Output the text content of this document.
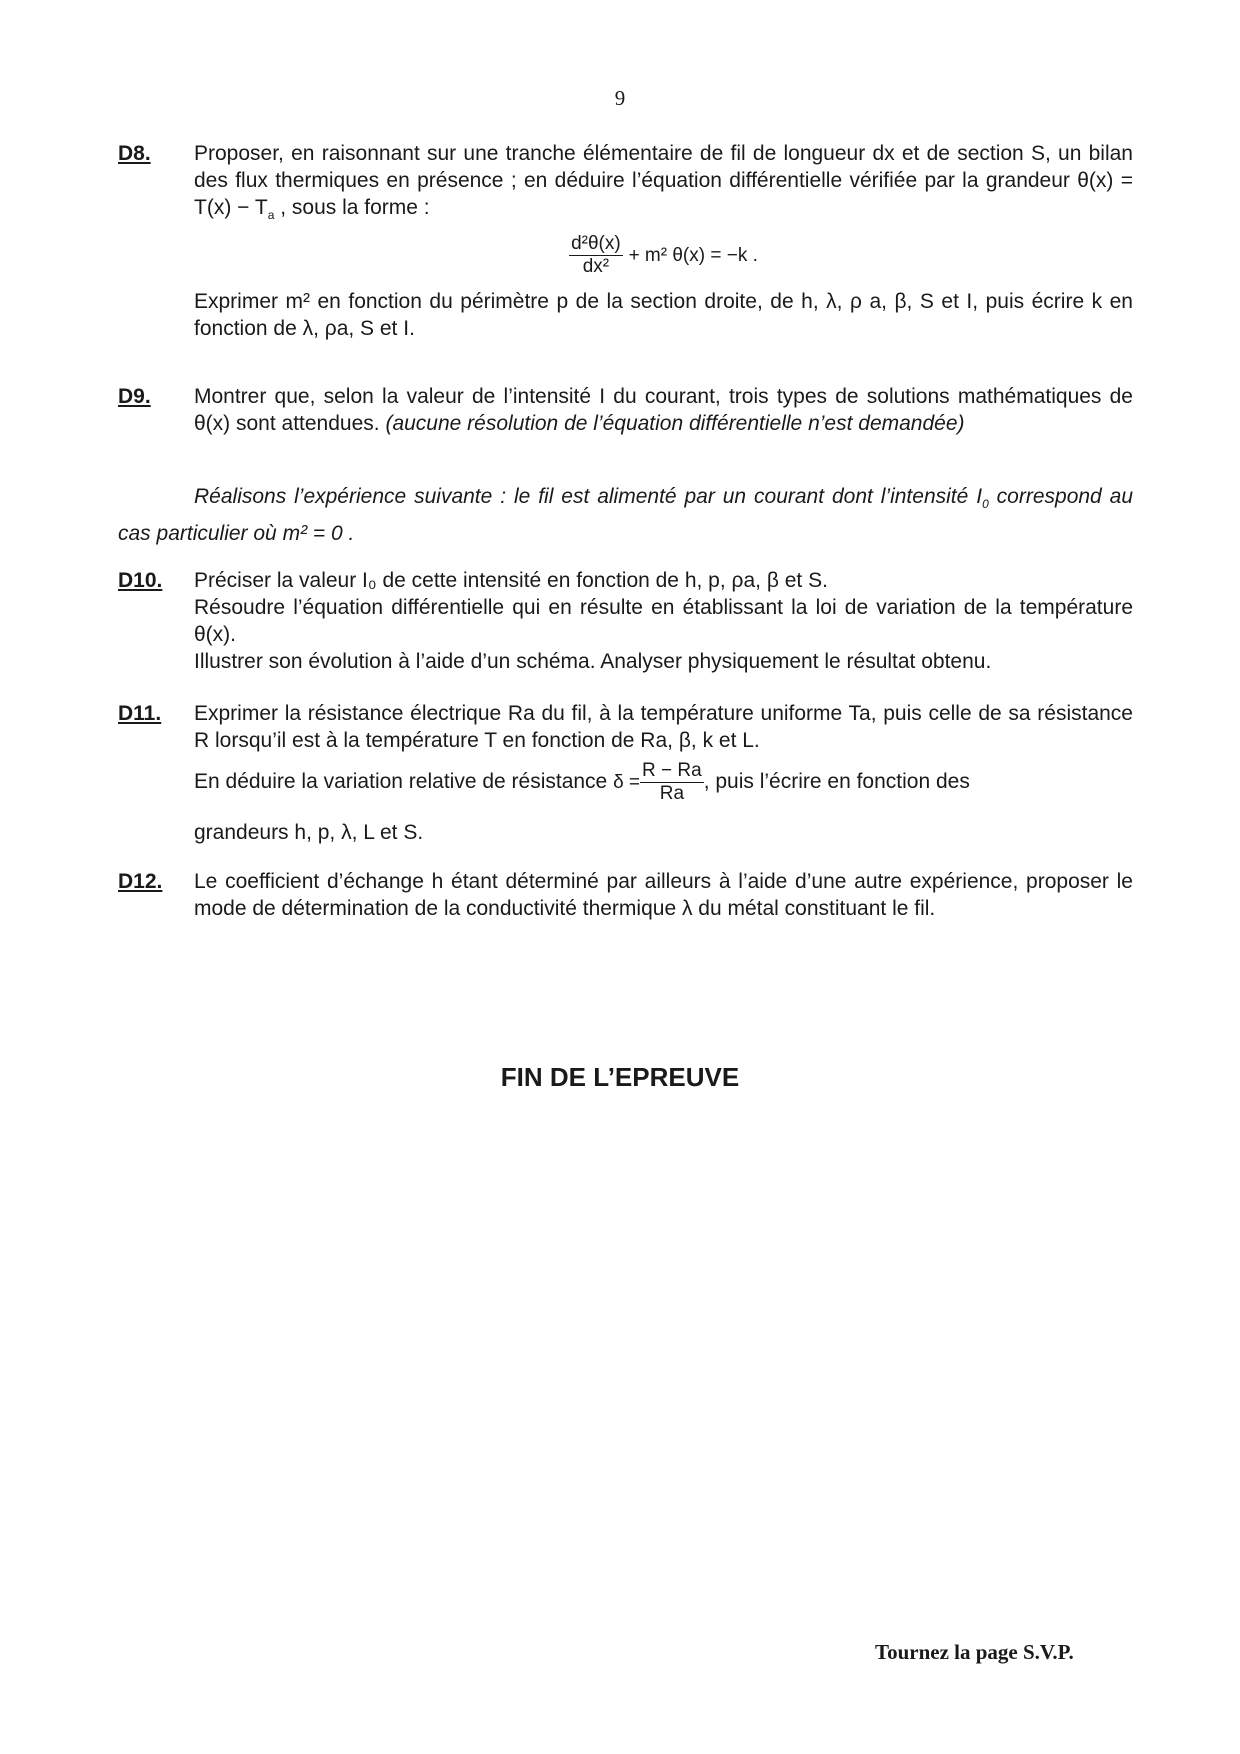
9
D8. Proposer, en raisonnant sur une tranche élémentaire de fil de longueur dx et de section S, un bilan des flux thermiques en présence ; en déduire l’équation différentielle vérifiée par la grandeur $\theta(x) = T(x) - T_a$ , sous la forme :

$\frac{\text{d²θ(x)}}{\text{dx²}} + m^2$ θ(x) = −k .

Exprimer m² en fonction du périmètre p de la section droite, de h, λ, ρ a, β, S et I, puis écrire k en fonction de λ, ρa, S et I.

D9. Montrer que, selon la valeur de l’intensité I du courant, trois types de solutions mathématiques de θ(x) sont attendues. (aucune résolution de l’équation différentielle n’est demandée)

Réalisons l’expérience suivante : le fil est alimenté par un courant dont l’intensité $I_0$ correspond au cas particulier où m² = 0 .

D10. Préciser la valeur I₀ de cette intensité en fonction de h, p, ρa, β et S.

Résoudre l’équation différentielle qui en résulte en établissant la loi de variation de la température θ(x).

Illustrer son évolution à l’aide d’un schéma. Analyser physiquement le résultat obtenu.

D11. Exprimer la résistance électrique Ra du fil, à la température uniforme Ta, puis celle de sa résistance R lorsqu’il est à la température T en fonction de Ra, β, k et L.

En déduire la variation relative de résistance $\delta = \frac{R - Ra}{Ra}$ , puis l’écrire en fonction des

grandeurs h, p, λ, L et S.

D12. Le coefficient d’échange h étant déterminé par ailleurs à l’aide d’une autre expérience, proposer le mode de détermination de la conductivité thermique λ du métal constituant le fil.

FIN DE L’EPREUVE
Tournez la page S.V.P.
